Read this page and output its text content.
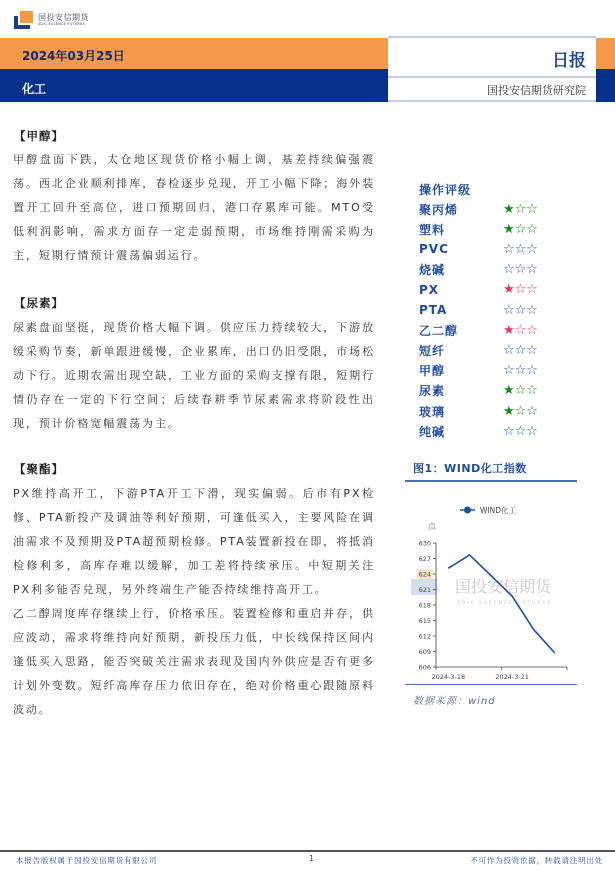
国投安信期货
SDIC ESSENCE FUTURES
2024年03月25日
化工
日报
国投安信期货研究院
【甲醇】
甲醇盘面下跌，太仓地区现货价格小幅上调，基差持续偏强震荡。西北企业顺利排库，春检逐步兑现，开工小幅下降；海外装置开工回升至高位，进口预期回归，港口存累库可能。MTO受低利润影响，需求方面存一定走弱预期，市场维持刚需采购为主，短期行情预计震荡偏弱运行。
【尿素】
尿素盘面坚挺，现货价格大幅下调。供应压力持续较大，下游放缓采购节奏，新单跟进缓慢，企业累库，出口仍旧受限，市场松动下行。近期农需出现空缺，工业方面的采购支撑有限，短期行情仍存在一定的下行空间；后续春耕季节尿素需求将阶段性出现，预计价格宽幅震荡为主。
【聚酯】
PX维持高开工，下游PTA开工下滑，现实偏弱。后市有PX检修、PTA新投产及调油等利好预期，可逢低买入，主要风险在调油需求不及预期及PTA超预期检修。PTA装置新投在即，将抵消检修利多，高库存难以缓解，加工差将持续承压。中短期关注PX利多能否兑现，另外终端生产能否持续维持高开工。
乙二醇周度库存继续上行，价格承压。装置检修和重启并存，供应波动，需求将维持向好预期，新投压力低，中长线保持区间内逢低买入思路，能否突破关注需求表现及国内外供应是否有更多计划外变数。短纤高库存压力依旧存在，绝对价格重心跟随原料波动。
操作评级
聚丙烯	★☆☆
塑料	★☆☆
PVC	☆☆☆
烧碱	☆☆☆
PX	★☆☆
PTA	☆☆☆
乙二醇	★☆☆
短纤	☆☆☆
甲醇	☆☆☆
尿素	★☆☆
玻璃	★☆☆
纯碱	☆☆☆
图1：WIND化工指数
国投安信期货
SDIC ESSENCE FUTURES
WIND化工
点
630
627
624
621
618
615
612
609
606
2024-3-18	2024-3-21
数据来源：wind
本报告版权属于国投安信期货有限公司	1	不可作为投资依据，转载请注明出处
